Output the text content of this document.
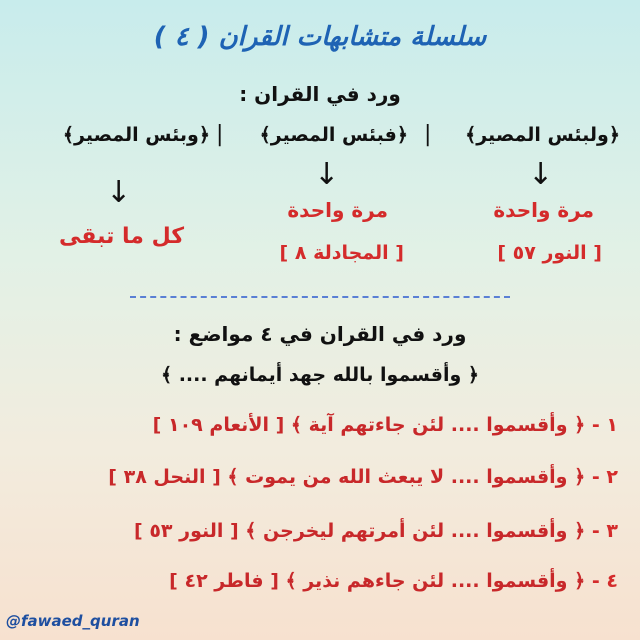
سلسلة متشابهات القران ( ٤ )
ورد في القران :
﴿ولبئس المصير﴾
|
﴿فبئس المصير﴾
|
﴿وبئس المصير﴾
↓
↓
↓	مرة واحدة
مرة واحدة
كل ما تبقى
[ النور ٥٧ ]
[ المجادلة ٨ ]
ورد في القران في ٤ مواضع :
﴿ وأقسموا بالله جهد أيمانهم .... ﴾
١ - ﴿ وأقسموا .... لئن جاءتهم آية ﴾ [ الأنعام ١٠٩ ]
٢ - ﴿ وأقسموا .... لا يبعث الله من يموت ﴾ [ النحل ٣٨ ]
٣ - ﴿ وأقسموا .... لئن أمرتهم ليخرجن ﴾ [ النور ٥٣ ]
٤ - ﴿ وأقسموا .... لئن جاءهم نذير ﴾ [ فاطر ٤٢ ]
@fawaed_quran
